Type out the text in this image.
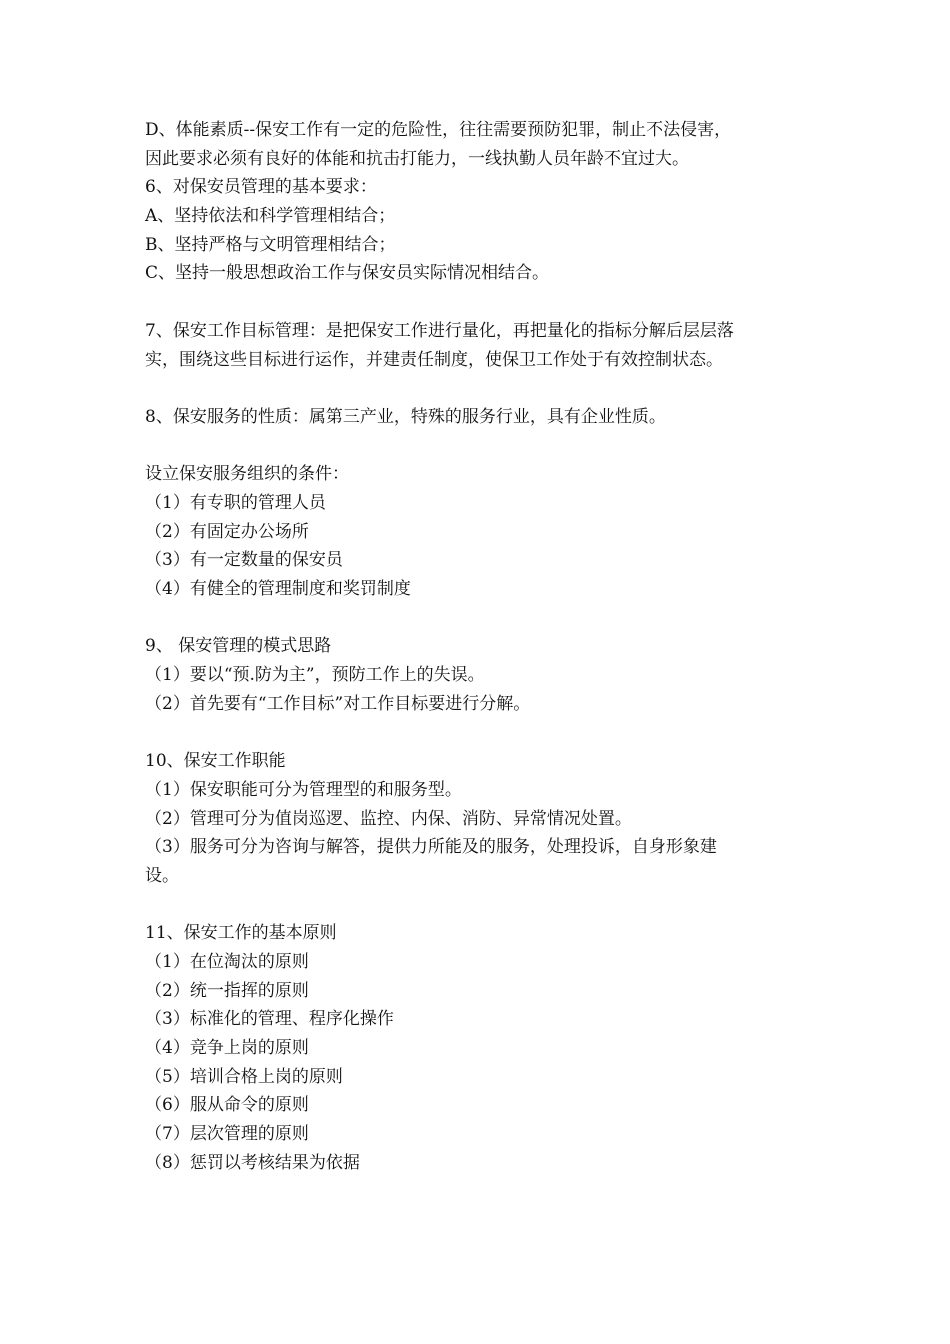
D、体能素质--保安工作有一定的危险性，往往需要预防犯罪，制止不法侵害，
因此要求必须有良好的体能和抗击打能力，一线执勤人员年龄不宜过大。
6、对保安员管理的基本要求：
A、坚持依法和科学管理相结合；
B、坚持严格与文明管理相结合；
C、坚持一般思想政治工作与保安员实际情况相结合。
7、保安工作目标管理：是把保安工作进行量化，再把量化的指标分解后层层落
实，围绕这些目标进行运作，并建责任制度，使保卫工作处于有效控制状态。
8、保安服务的性质：属第三产业，特殊的服务行业，具有企业性质。
设立保安服务组织的条件：
（1）有专职的管理人员
（2）有固定办公场所
（3）有一定数量的保安员
（4）有健全的管理制度和奖罚制度
9、 保安管理的模式思路
（1）要以“预.防为主”，预防工作上的失误。
（2）首先要有“工作目标”对工作目标要进行分解。
10、保安工作职能
（1）保安职能可分为管理型的和服务型。
（2）管理可分为值岗巡逻、监控、内保、消防、异常情况处置。
（3）服务可分为咨询与解答，提供力所能及的服务，处理投诉，自身形象建
设。
11、保安工作的基本原则
（1）在位淘汰的原则
（2）统一指挥的原则
（3）标准化的管理、程序化操作
（4）竞争上岗的原则
（5）培训合格上岗的原则
（6）服从命令的原则
（7）层次管理的原则
（8）惩罚以考核结果为依据
